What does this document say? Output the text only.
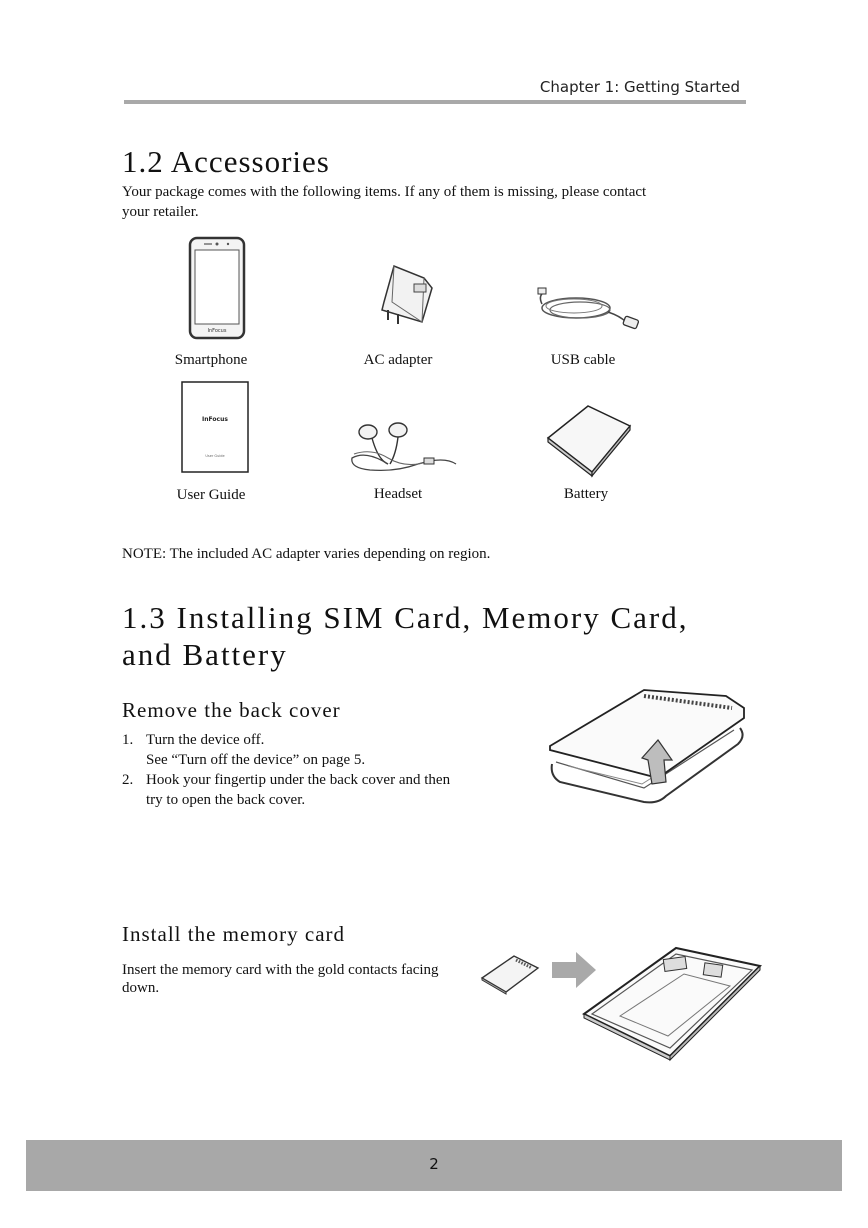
Chapter 1: Getting Started
1.2 Accessories
Your package comes with the following items. If any of them is missing, please contact your retailer.
InFocus
Smartphone	AC adapter	USB cable
InFocus
User Guide
User Guide	Headset	Battery
NOTE: The included AC adapter varies depending on region.
1.3 Installing SIM Card, Memory Card,
and Battery
Remove the back cover
1. Turn the device off.
See “Turn off the device” on page 5.
2. Hook your fingertip under the back cover and then
try to open the back cover.
Install the memory card
Insert the memory card with the gold contacts facing
down.
2
